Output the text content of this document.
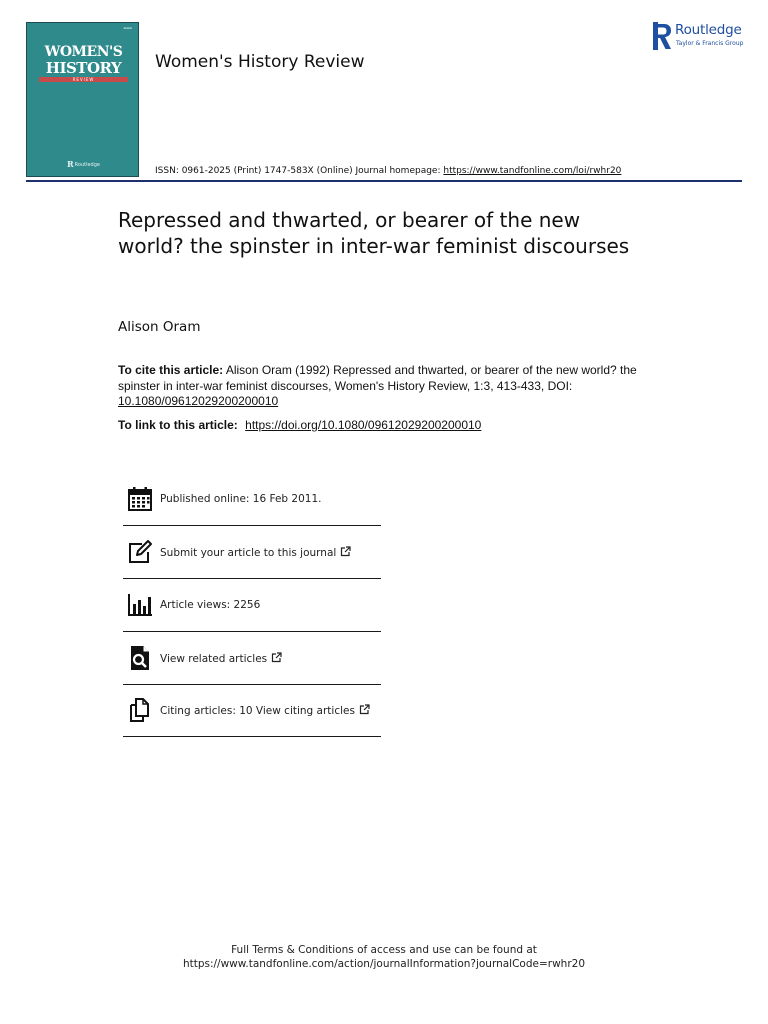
▬▬▬
WOMEN'S
HISTORY
REVIEW
RRoutledge
Women's History Review
Routledge
Taylor & Francis Group
ISSN: 0961-2025 (Print) 1747-583X (Online) Journal homepage: https://www.tandfonline.com/loi/rwhr20
Repressed and thwarted, or bearer of the new world? the spinster in inter-war feminist discourses
Alison Oram
To cite this article: Alison Oram (1992) Repressed and thwarted, or bearer of the new world? the spinster in inter-war feminist discourses, Women's History Review, 1:3, 413-433, DOI: 10.1080/09612029200200010
To link to this article: https://doi.org/10.1080/09612029200200010
Published online: 16 Feb 2011.
Submit your article to this journal
Article views: 2256
View related articles
Citing articles: 10 View citing articles
Full Terms & Conditions of access and use can be found at
https://www.tandfonline.com/action/journalInformation?journalCode=rwhr20
